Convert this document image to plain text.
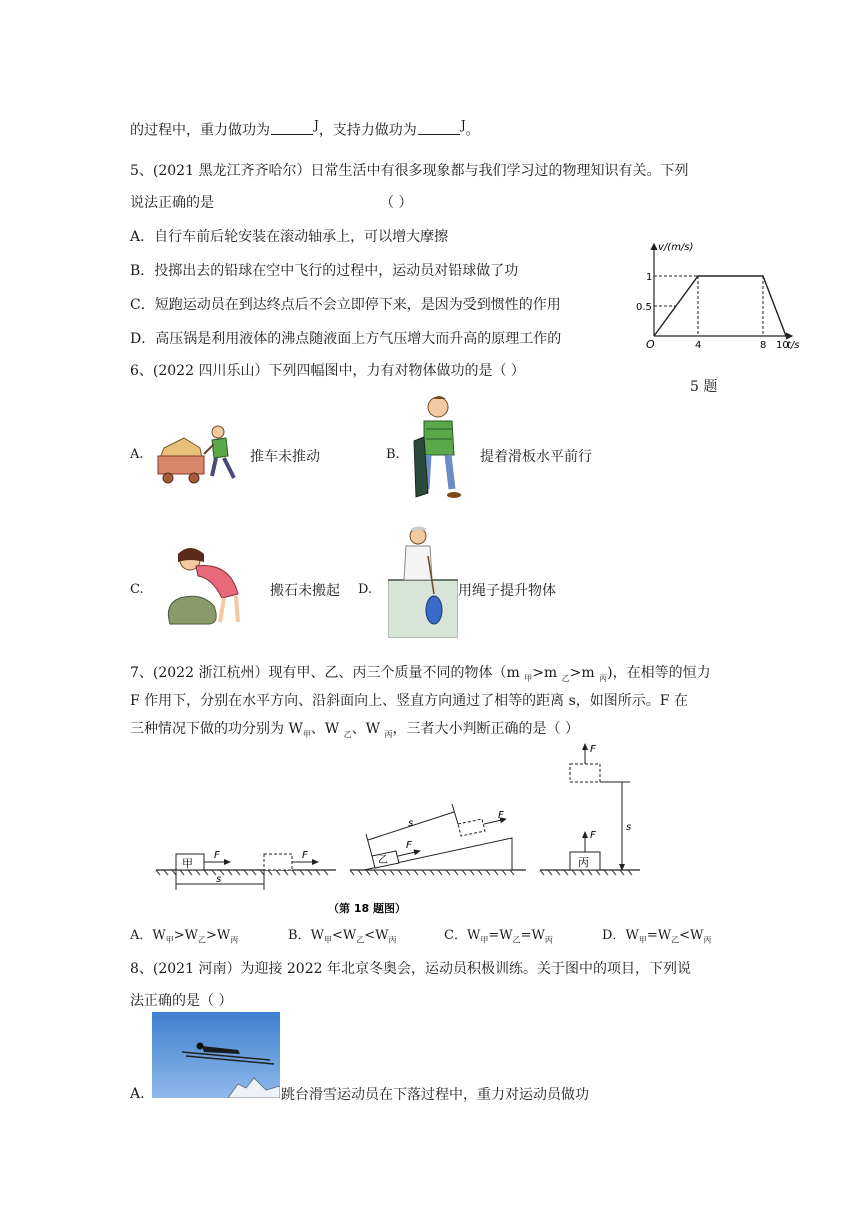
的过程中，重力做功为	$^J$，支持力做功为	$^J$。
5、(2021 黑龙江齐齐哈尔）日常生活中有很多现象都与我们学习过的物理知识有关。下列
说法正确的是	（ ）
A．自行车前后轮安装在滚动轴承上，可以增大摩擦
B．投掷出去的铅球在空中飞行的过程中，运动员对铅球做了功
C．短跑运动员在到达终点后不会立即停下来，是因为受到惯性的作用
D．高压锅是利用液体的沸点随液面上方气压增大而升高的原理工作的
v/(m/s)
1
0.5
O	4	8 10
t/s
5 题
6、(2022 四川乐山）下列四幅图中，力有对物体做功的是（ ）
A.	推车未推动	B.	提着滑板水平前行
C.	搬石未搬起 D.	用绳子提升物体
7、(2022 浙江杭州）现有甲、乙、丙三个质量不同的物体（m $_甲$>m $_乙$>m $_丙$)，在相等的恒力
F 作用下，分别在水平方向、沿斜面向上、竖直方向通过了相等的距离 s，如图所示。F 在
三种情况下做的功分别为 $W_甲$、W $_乙$、W $_丙$，三者大小判断正确的是（ ）
甲
F	F
s
乙
F
F
s
丙
F
F
s
（第 18 题图）
A．$W_甲>W_乙>W_丙$	B．$W_甲<W_乙<W_丙$	C．$W_甲=W_乙=W_丙$	D．$W_甲=W_乙<W_丙$
8、(2021 河南）为迎接 2022 年北京冬奥会，运动员积极训练。关于图中的项目，下列说
法正确的是（ ）
A.	跳台滑雪运动员在下落过程中，重力对运动员做功
